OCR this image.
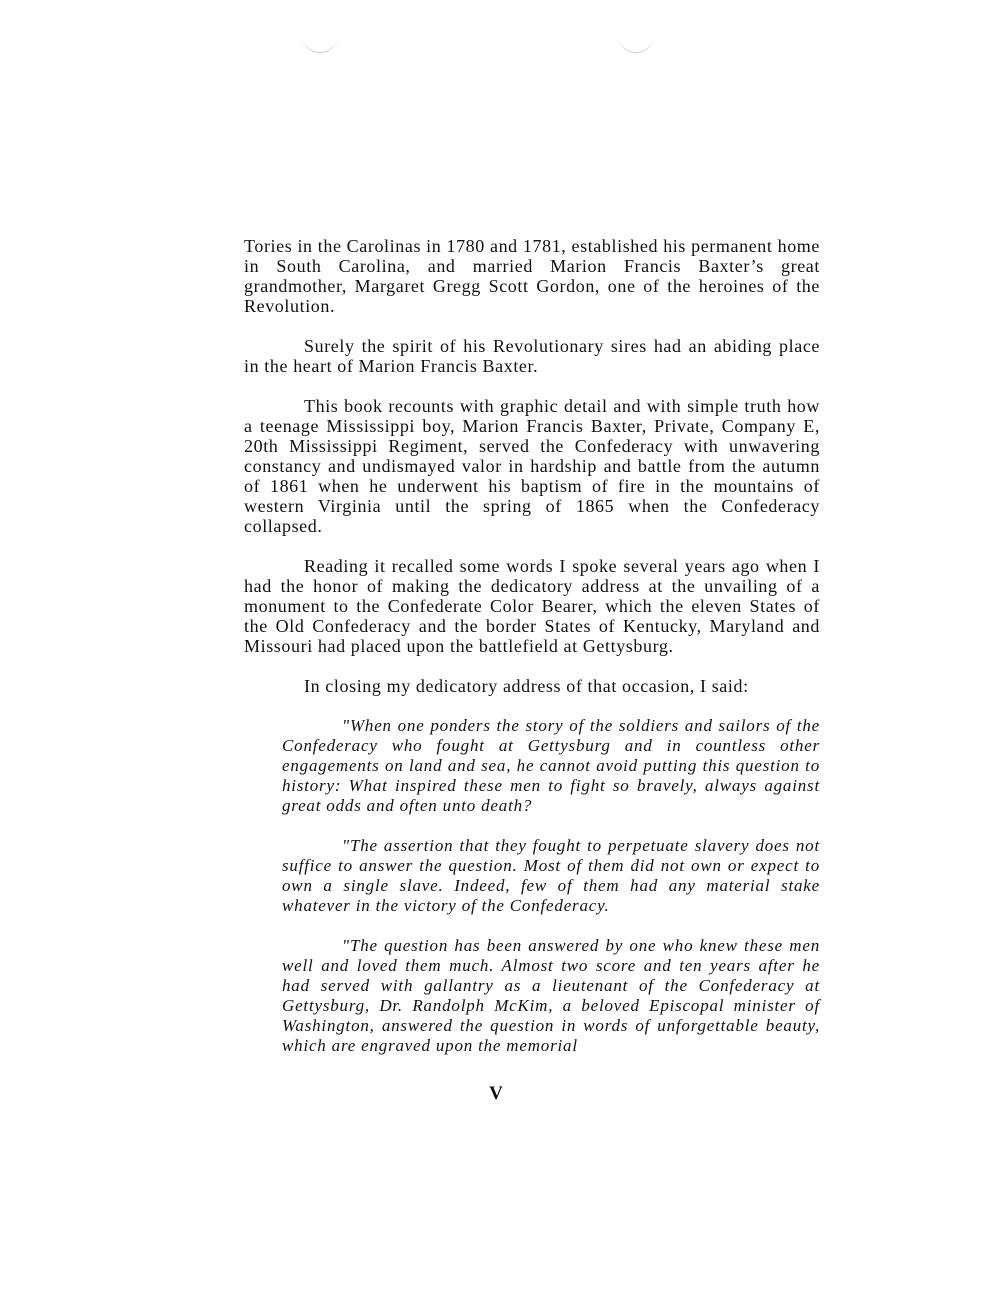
Tories in the Carolinas in 1780 and 1781, established his permanent home in South Carolina, and married Marion Francis Baxter’s great grandmother, Margaret Gregg Scott Gordon, one of the heroines of the Revolution.

Surely the spirit of his Revolutionary sires had an abiding place in the heart of Marion Francis Baxter.

This book recounts with graphic detail and with simple truth how a teenage Mississippi boy, Marion Francis Baxter, Private, Company E, 20th Mississippi Regiment, served the Confederacy with unwavering constancy and undismayed valor in hardship and battle from the autumn of 1861 when he underwent his baptism of fire in the mountains of western Virginia until the spring of 1865 when the Confederacy collapsed.

Reading it recalled some words I spoke several years ago when I had the honor of making the dedicatory address at the unvailing of a monument to the Confederate Color Bearer, which the eleven States of the Old Confederacy and the border States of Kentucky, Maryland and Missouri had placed upon the battlefield at Gettysburg.

In closing my dedicatory address of that occasion, I said:

"When one ponders the story of the soldiers and sailors of the Confederacy who fought at Gettysburg and in countless other engagements on land and sea, he cannot avoid putting this question to history: What inspired these men to fight so bravely, always against great odds and often unto death?

"The assertion that they fought to perpetuate slavery does not suffice to answer the question. Most of them did not own or expect to own a single slave. Indeed, few of them had any material stake whatever in the victory of the Confederacy.

"The question has been answered by one who knew these men well and loved them much. Almost two score and ten years after he had served with gallantry as a lieutenant of the Confederacy at Gettysburg, Dr. Randolph McKim, a beloved Episcopal minister of Washington, answered the question in words of unforgettable beauty, which are engraved upon the memorial

V
